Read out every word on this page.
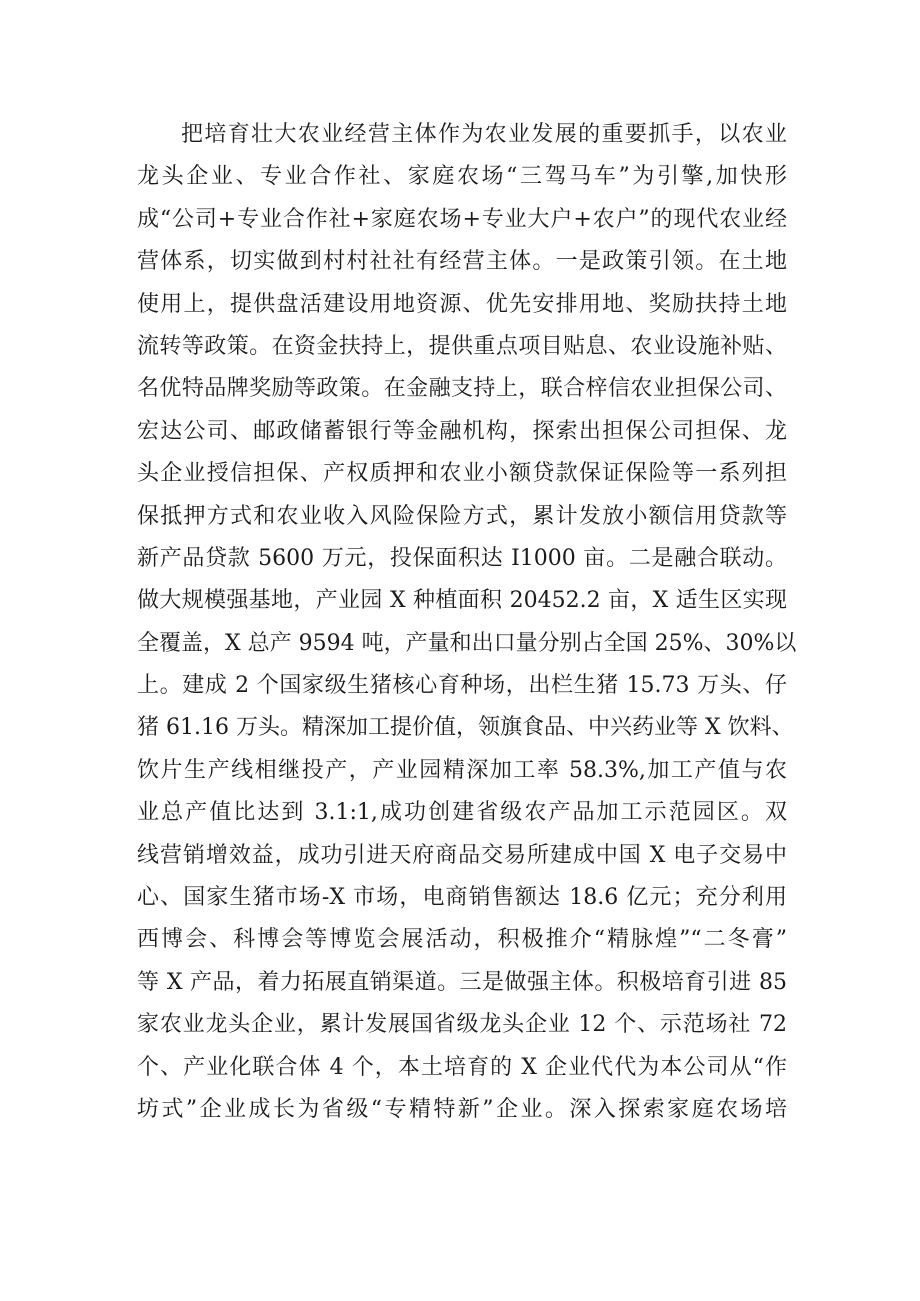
把培育壮大农业经营主体作为农业发展的重要抓手，以农业
龙头企业、专业合作社、家庭农场“三驾马车”为引擎,加快形
成“公司+专业合作社+家庭农场+专业大户+农户”的现代农业经
营体系，切实做到村村社社有经营主体。一是政策引领。在土地
使用上，提供盘活建设用地资源、优先安排用地、奖励扶持土地
流转等政策。在资金扶持上，提供重点项目贴息、农业设施补贴、
名优特品牌奖励等政策。在金融支持上，联合梓信农业担保公司、
宏达公司、邮政储蓄银行等金融机构，探索出担保公司担保、龙
头企业授信担保、产权质押和农业小额贷款保证保险等一系列担
保抵押方式和农业收入风险保险方式，累计发放小额信用贷款等
新产品贷款 5600 万元，投保面积达 I1000 亩。二是融合联动。
做大规模强基地，产业园 X 种植面积 20452.2 亩，X 适生区实现
全覆盖，X 总产 9594 吨，产量和出口量分别占全国 25%、30%以
上。建成 2 个国家级生猪核心育种场，出栏生猪 15.73 万头、仔
猪 61.16 万头。精深加工提价值，领旗食品、中兴药业等 X 饮料、
饮片生产线相继投产，产业园精深加工率 58.3%,加工产值与农
业总产值比达到 3.1:1,成功创建省级农产品加工示范园区。双
线营销增效益，成功引进天府商品交易所建成中国 X 电子交易中
心、国家生猪市场-X 市场，电商销售额达 18.6 亿元；充分利用
西博会、科博会等博览会展活动，积极推介“精脉煌”“二冬膏”
等 X 产品，着力拓展直销渠道。三是做强主体。积极培育引进 85
家农业龙头企业，累计发展国省级龙头企业 12 个、示范场社 72
个、产业化联合体 4 个，本土培育的 X 企业代代为本公司从“作
坊式”企业成长为省级“专精特新”企业。深入探索家庭农场培
